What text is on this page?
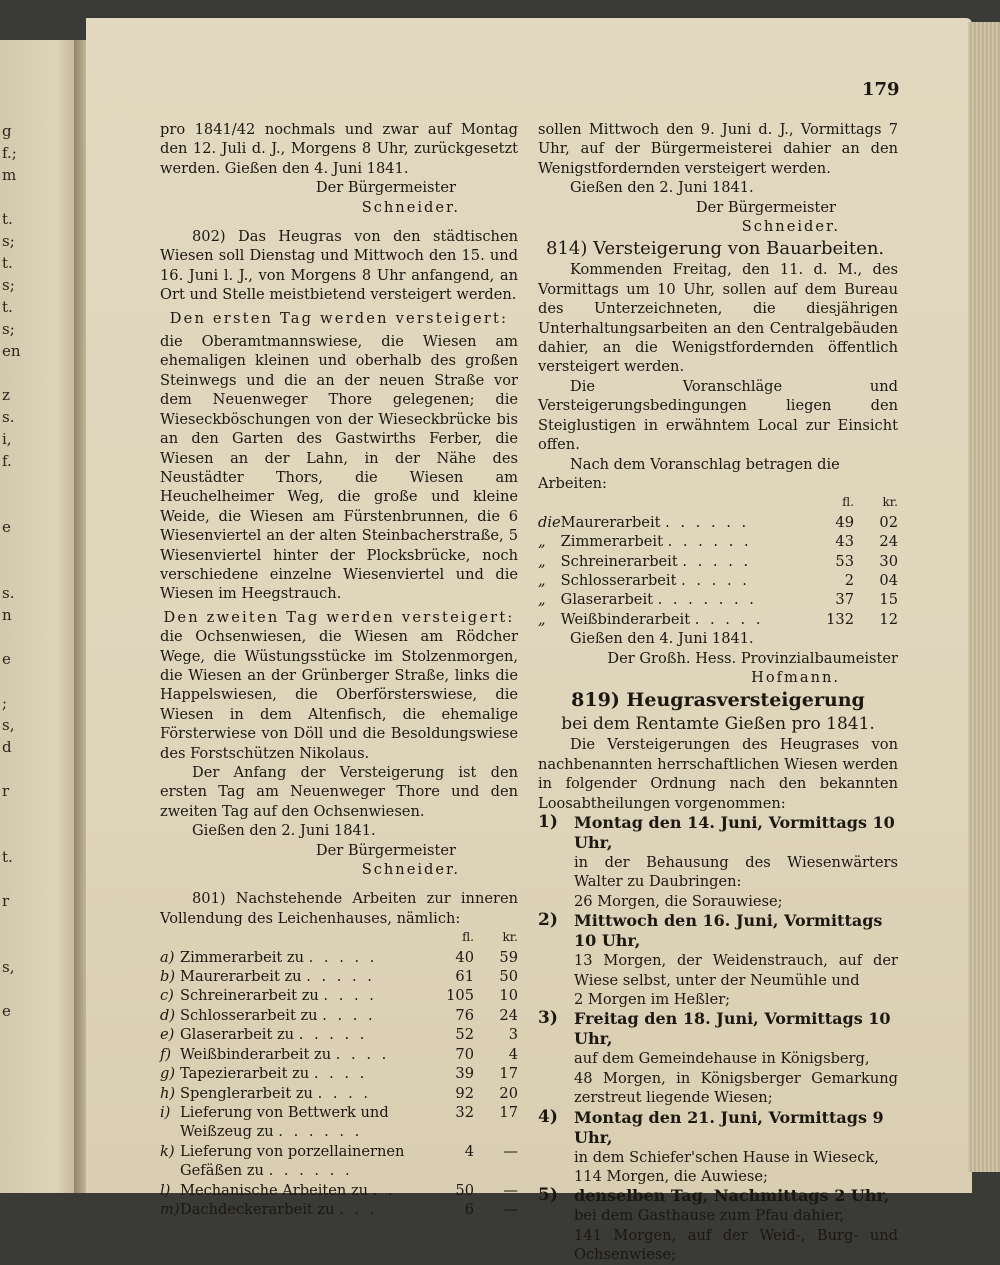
g
f.;
m
t.
s;
t.
s;
t.
s;
en
z
s.
i,
f.
e
s.
n
e
;
s,
d
r
t.
r
s,
e
179

pro 1841/42 nochmals und zwar auf Montag den 12. Juli d. J., Morgens 8 Uhr, zurückgesetzt werden. Gießen den 4. Juni 1841.

Der Bürgermeister

Schneider.

802) Das Heugras von den städtischen Wiesen soll Dienstag und Mittwoch den 15. und 16. Juni l. J., von Morgens 8 Uhr anfangend, an Ort und Stelle meistbietend versteigert werden.

Den ersten Tag werden versteigert:

die Oberamtmannswiese, die Wiesen am ehemaligen kleinen und oberhalb des großen Steinwegs und die an der neuen Straße vor dem Neuenweger Thore gelegenen; die Wieseckböschungen von der Wieseckbrücke bis an den Garten des Gastwirths Ferber, die Wiesen an der Lahn, in der Nähe des Neustädter Thors, die Wiesen am Heuchelheimer Weg, die große und kleine Weide, die Wiesen am Fürstenbrunnen, die 6 Wiesenviertel an der alten Steinbacherstraße, 5 Wiesenviertel hinter der Plocksbrücke, noch verschiedene einzelne Wiesenviertel und die Wiesen im Heegstrauch.

Den zweiten Tag werden versteigert:

die Ochsenwiesen, die Wiesen am Rödcher Wege, die Wüstungsstücke im Stolzenmorgen, die Wiesen an der Grünberger Straße, links die Happelswiesen, die Oberförsterswiese, die Wiesen in dem Altenfisch, die ehemalige Försterwiese von Döll und die Besoldungswiese des Forstschützen Nikolaus.

Der Anfang der Versteigerung ist den ersten Tag am Neuenweger Thore und den zweiten Tag auf den Ochsenwiesen.

Gießen den 2. Juni 1841.

Der Bürgermeister

Schneider.

801) Nachstehende Arbeiten zur inneren Vollendung des Leichenhauses, nämlich:

		fl.	kr.
a)	Zimmerarbeit zu . . . . .	40	59
b)	Maurerarbeit zu . . . . .	61	50
c)	Schreinerarbeit zu . . . .	105	10
d)	Schlosserarbeit zu . . . .	76	24
e)	Glaserarbeit zu . . . . .	52	3
f)	Weißbinderarbeit zu . . . .	70	4
g)	Tapezierarbeit zu . . . .	39	17
h)	Spenglerarbeit zu . . . .	92	20
i)	Lieferung von Bettwerk und Weißzeug zu . . . . . .	32	17
k)	Lieferung von porzellainernen Gefäßen zu . . . . . .	4	—
l)	Mechanische Arbeiten zu . .	50	—
m)	Dachdeckerarbeit zu . . .	6	—

sollen Mittwoch den 9. Juni d. J., Vormittags 7 Uhr, auf der Bürgermeisterei dahier an den Wenigstfordernden versteigert werden.

Gießen den 2. Juni 1841.

Der Bürgermeister

Schneider.

814) Versteigerung von Bauarbeiten.

Kommenden Freitag, den 11. d. M., des Vormittags um 10 Uhr, sollen auf dem Bureau des Unterzeichneten, die diesjährigen Unterhaltungsarbeiten an den Centralgebäuden dahier, an die Wenigstfordernden öffentlich versteigert werden.

Die Voranschläge und Versteigerungsbedingungen liegen den Steiglustigen in erwähntem Local zur Einsicht offen.

Nach dem Voranschlag betragen die Arbeiten:

		fl.	kr.
die	Maurerarbeit . . . . . .	49	02
„	Zimmerarbeit . . . . . .	43	24
„	Schreinerarbeit . . . . .	53	30
„	Schlosserarbeit . . . . .	2	04
„	Glaserarbeit . . . . . . .	37	15
„	Weißbinderarbeit . . . . .	132	12

Gießen den 4. Juni 1841.

Der Großh. Hess. Provinzialbaumeister

Hofmann.

819) Heugrasversteigerung

bei dem Rentamte Gießen pro 1841.

Die Versteigerungen des Heugrases von nachbenannten herrschaftlichen Wiesen werden in folgender Ordnung nach den bekannten Loosabtheilungen vorgenommen:

1)	Montag den 14. Juni, Vormittags 10 Uhr,
in der Behausung des Wiesenwärters Walter zu Daubringen:
26 Morgen, die Sorauwiese;
2)	Mittwoch den 16. Juni, Vormittags 10 Uhr,
13 Morgen, der Weidenstrauch, auf der Wiese selbst, unter der Neumühle und
2 Morgen im Heßler;
3)	Freitag den 18. Juni, Vormittags 10 Uhr,
auf dem Gemeindehause in Königsberg,
48 Morgen, in Königsberger Gemarkung zerstreut liegende Wiesen;
4)	Montag den 21. Juni, Vormittags 9 Uhr,
in dem Schiefer'schen Hause in Wieseck,
114 Morgen, die Auwiese;
5)	denselben Tag, Nachmittags 2 Uhr,
bei dem Gasthause zum Pfau dahier,
141 Morgen, auf der Weid-, Burg- und Ochsenwiese;
